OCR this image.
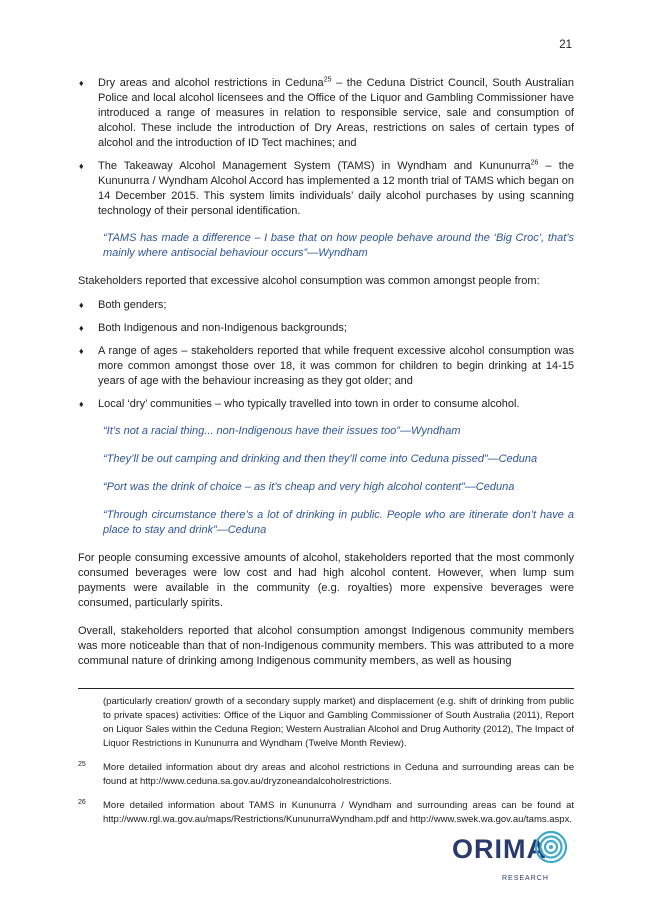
21
♦ Dry areas and alcohol restrictions in Ceduna$^{25}$ – the Ceduna District Council, South Australian Police and local alcohol licensees and the Office of the Liquor and Gambling Commissioner have introduced a range of measures in relation to responsible service, sale and consumption of alcohol. These include the introduction of Dry Areas, restrictions on sales of certain types of alcohol and the introduction of ID Tect machines; and
♦ The Takeaway Alcohol Management System (TAMS) in Wyndham and Kununurra$^{26}$ – the Kununurra / Wyndham Alcohol Accord has implemented a 12 month trial of TAMS which began on 14 December 2015. This system limits individuals’ daily alcohol purchases by using scanning technology of their personal identification.

“TAMS has made a difference – I base that on how people behave around the ‘Big Croc’, that’s mainly where antisocial behaviour occurs”—Wyndham

Stakeholders reported that excessive alcohol consumption was common amongst people from:

♦ Both genders;
♦ Both Indigenous and non-Indigenous backgrounds;
♦ A range of ages – stakeholders reported that while frequent excessive alcohol consumption was more common amongst those over 18, it was common for children to begin drinking at 14-15 years of age with the behaviour increasing as they got older; and
♦ Local ‘dry’ communities – who typically travelled into town in order to consume alcohol.

“It’s not a racial thing... non-Indigenous have their issues too”—Wyndham

“They’ll be out camping and drinking and then they’ll come into Ceduna pissed”—Ceduna

“Port was the drink of choice – as it’s cheap and very high alcohol content”—Ceduna

“Through circumstance there’s a lot of drinking in public. People who are itinerate don’t have a place to stay and drink”—Ceduna

For people consuming excessive amounts of alcohol, stakeholders reported that the most commonly consumed beverages were low cost and had high alcohol content. However, when lump sum payments were available in the community (e.g. royalties) more expensive beverages were consumed, particularly spirits.

Overall, stakeholders reported that alcohol consumption amongst Indigenous community members was more noticeable than that of non-Indigenous community members. This was attributed to a more communal nature of drinking among Indigenous community members, as well as housing

(particularly creation/ growth of a secondary supply market) and displacement (e.g. shift of drinking from public to private spaces) activities: Office of the Liquor and Gambling Commissioner of South Australia (2011), Report on Liquor Sales within the Ceduna Region; Western Australian Alcohol and Drug Authority (2012), The Impact of Liquor Restrictions in Kununurra and Wyndham (Twelve Month Review).
25 More detailed information about dry areas and alcohol restrictions in Ceduna and surrounding areas can be found at http://www.ceduna.sa.gov.au/dryzoneandalcoholrestrictions.
26 More detailed information about TAMS in Kununurra / Wyndham and surrounding areas can be found at http://www.rgl.wa.gov.au/maps/Restrictions/KununurraWyndham.pdf and http://www.swek.wa.gov.au/tams.aspx.
ORIMA
RESEARCH
